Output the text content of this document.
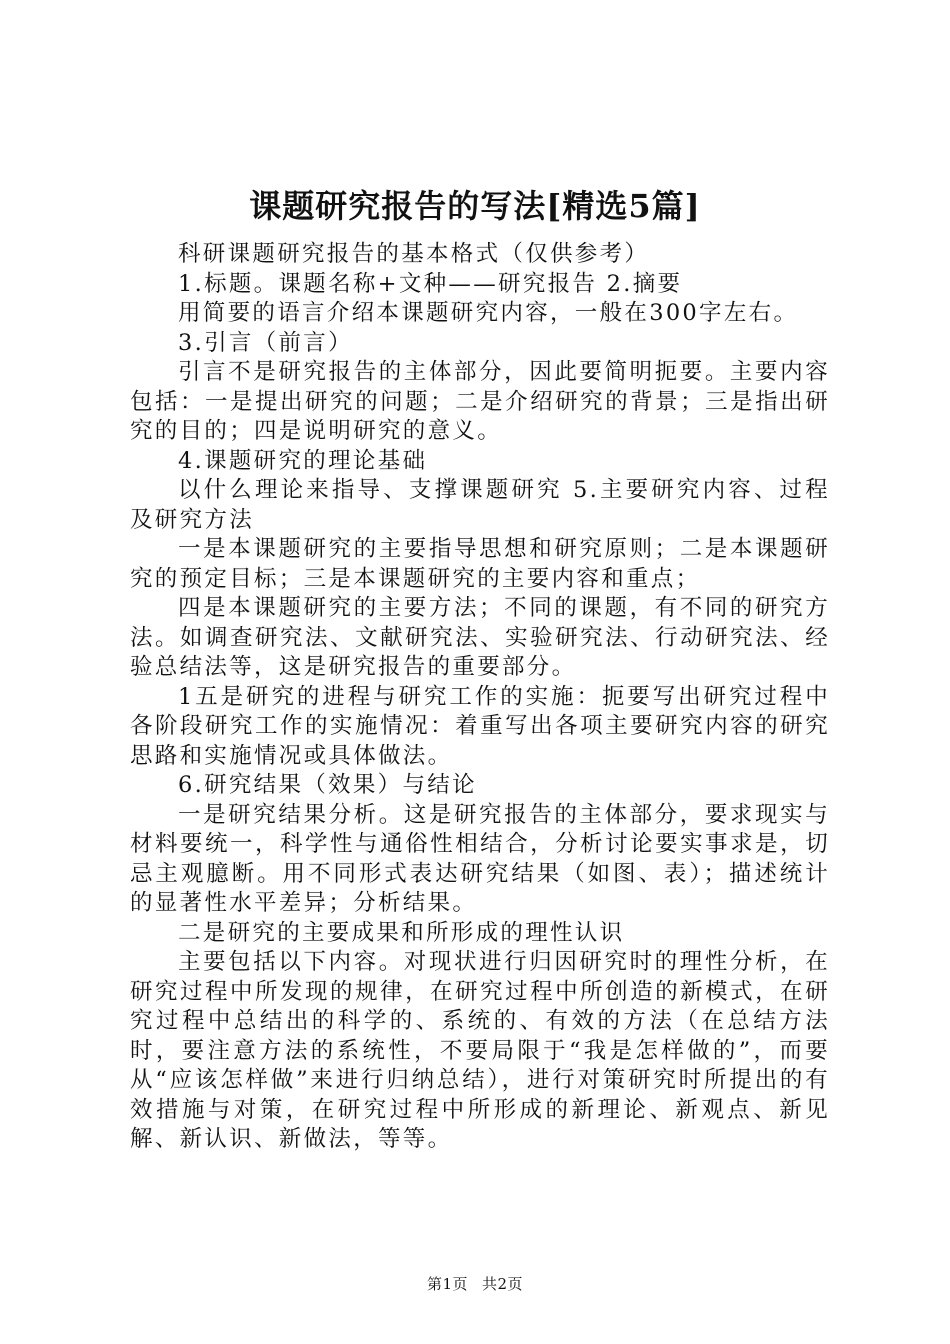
课题研究报告的写法[精选5篇]

科研课题研究报告的基本格式（仅供参考）

1.标题。课题名称+文种——研究报告 2.摘要

用简要的语言介绍本课题研究内容，一般在300字左右。

3.引言（前言）

引言不是研究报告的主体部分，因此要简明扼要。主要内容包括：一是提出研究的问题；二是介绍研究的背景；三是指出研究的目的；四是说明研究的意义。

4.课题研究的理论基础

以什么理论来指导、支撑课题研究 5.主要研究内容、过程及研究方法

一是本课题研究的主要指导思想和研究原则；二是本课题研究的预定目标；三是本课题研究的主要内容和重点；

四是本课题研究的主要方法；不同的课题，有不同的研究方法。如调查研究法、文献研究法、实验研究法、行动研究法、经验总结法等，这是研究报告的重要部分。

1五是研究的进程与研究工作的实施：扼要写出研究过程中各阶段研究工作的实施情况：着重写出各项主要研究内容的研究思路和实施情况或具体做法。

6.研究结果（效果）与结论

一是研究结果分析。这是研究报告的主体部分，要求现实与材料要统一，科学性与通俗性相结合，分析讨论要实事求是，切忌主观臆断。用不同形式表达研究结果（如图、表）；描述统计的显著性水平差异；分析结果。

二是研究的主要成果和所形成的理性认识

主要包括以下内容。对现状进行归因研究时的理性分析，在研究过程中所发现的规律，在研究过程中所创造的新模式，在研究过程中总结出的科学的、系统的、有效的方法（在总结方法时，要注意方法的系统性，不要局限于“我是怎样做的”，而要从“应该怎样做”来进行归纳总结），进行对策研究时所提出的有效措施与对策，在研究过程中所形成的新理论、新观点、新见解、新认识、新做法，等等。

第1页 共2页
